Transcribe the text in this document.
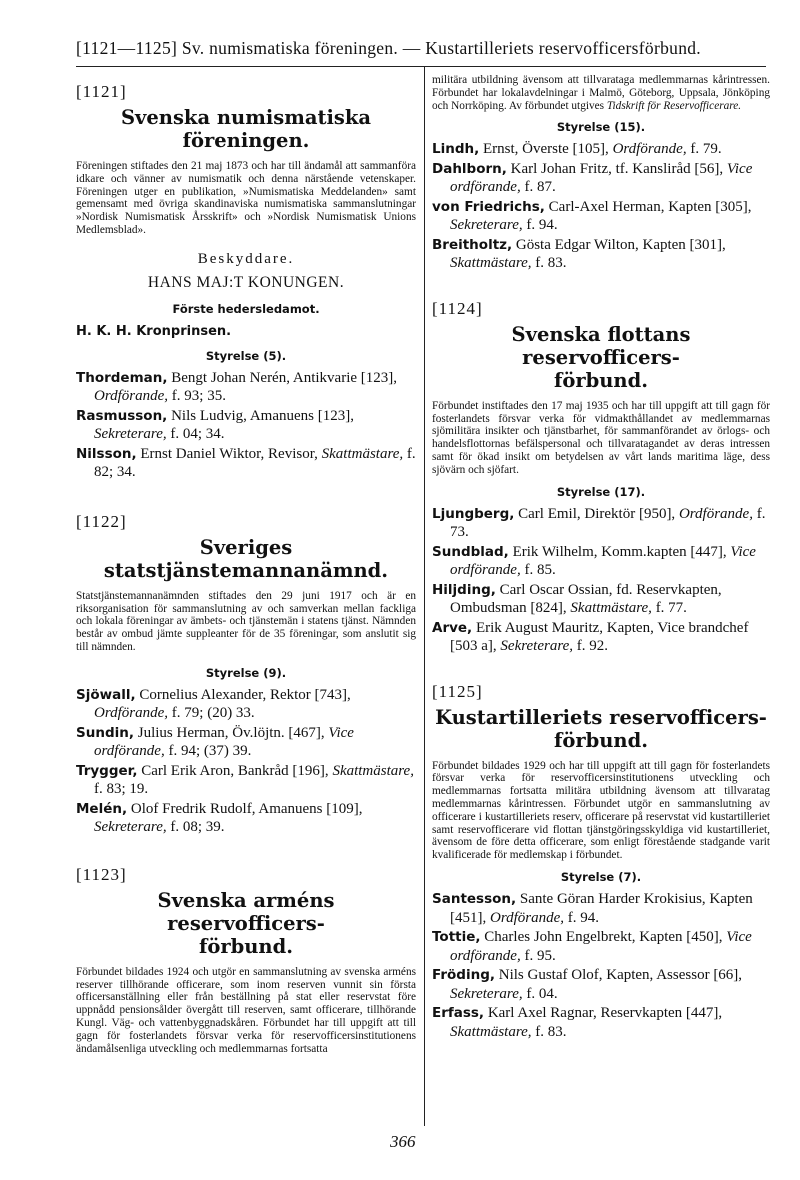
[1121—1125] Sv. numismatiska föreningen. — Kustartilleriets reservofficersförbund.
[1121]
Svenska numismatiska
föreningen.

Föreningen stiftades den 21 maj 1873 och har till ändamål att sammanföra idkare och vänner av numismatik och denna närstående vetenskaper. Föreningen utger en publikation, »Numismatiska Meddelanden» samt gemensamt med övriga skandinaviska numismatiska sammanslutningar »Nordisk Numismatisk Årsskrift» och »Nordisk Numismatisk Unions Medlemsblad».

Beskyddare.
HANS MAJ:T KONUNGEN.
Förste hedersledamot.
H. K. H. Kronprinsen.
Styrelse (5).

Thordeman, Bengt Johan Nerén, Antikvarie [123], Ordförande, f. 93; 35.

Rasmusson, Nils Ludvig, Amanuens [123], Sekreterare, f. 04; 34.

Nilsson, Ernst Daniel Wiktor, Revisor, Skattmästare, f. 82; 34.

[1122]
Sveriges statstjänstemannanämnd.

Statstjänstemannanämnden stiftades den 29 juni 1917 och är en riksorganisation för sammanslutning av och samverkan mellan fackliga och lokala föreningar av ämbets- och tjänstemän i statens tjänst. Nämnden består av ombud jämte suppleanter för de 35 föreningar, som anslutit sig till nämnden.

Styrelse (9).

Sjöwall, Cornelius Alexander, Rektor [743], Ordförande, f. 79; (20) 33.

Sundin, Julius Herman, Öv.löjtn. [467], Vice ordförande, f. 94; (37) 39.

Trygger, Carl Erik Aron, Bankråd [196], Skattmästare, f. 83; 19.

Melén, Olof Fredrik Rudolf, Amanuens [109], Sekreterare, f. 08; 39.

[1123]
Svenska arméns reservofficers-
förbund.

Förbundet bildades 1924 och utgör en sammanslutning av svenska arméns reserver tillhörande officerare, som inom reserven vunnit sin första officersanställning eller från beställning på stat eller reservstat före uppnådd pensionsålder övergått till reserven, samt officerare, tillhörande Kungl. Väg- och vattenbyggnadskåren. Förbundet har till uppgift att till gagn för fosterlandets försvar verka för reservofficersinstitutionens ändamålsenliga utveckling och medlemmarnas fortsatta

militära utbildning ävensom att tillvarataga medlemmarnas kårintressen. Förbundet har lokalavdelningar i Malmö, Göteborg, Uppsala, Jönköping och Norrköping. Av förbundet utgives Tidskrift för Reservofficerare.

Styrelse (15).

Lindh, Ernst, Överste [105], Ordförande, f. 79.

Dahlborn, Karl Johan Fritz, tf. Kansliråd [56], Vice ordförande, f. 87.

von Friedrichs, Carl-Axel Herman, Kapten [305], Sekreterare, f. 94.

Breitholtz, Gösta Edgar Wilton, Kapten [301], Skattmästare, f. 83.

[1124]
Svenska flottans reservofficers-
förbund.

Förbundet instiftades den 17 maj 1935 och har till uppgift att till gagn för fosterlandets försvar verka för vidmakthållandet av medlemmarnas sjömilitära insikter och tjänstbarhet, för sammanförandet av örlogs- och handelsflottornas befälspersonal och tillvaratagandet av deras intressen samt för ökad insikt om betydelsen av vårt lands maritima läge, dess sjövärn och sjöfart.

Styrelse (17).

Ljungberg, Carl Emil, Direktör [950], Ordförande, f. 73.

Sundblad, Erik Wilhelm, Komm.kapten [447], Vice ordförande, f. 85.

Hiljding, Carl Oscar Ossian, fd. Reservkapten, Ombudsman [824], Skattmästare, f. 77.

Arve, Erik August Mauritz, Kapten, Vice brandchef [503 a], Sekreterare, f. 92.

[1125]
Kustartilleriets reservofficers-
förbund.

Förbundet bildades 1929 och har till uppgift att till gagn för fosterlandets försvar verka för reservofficersinstitutionens utveckling och medlemmarnas fortsatta militära utbildning ävensom att tillvaratag medlemmarnas kårintressen. Förbundet utgör en sammanslutning av officerare i kustartilleriets reserv, officerare på reservstat vid kustartilleriet samt reservofficerare vid flottan tjänstgöringsskyldiga vid kustartilleriet, ävensom de före detta officerare, som enligt förestående stadgande varit kvalificerade för medlemskap i förbundet.

Styrelse (7).

Santesson, Sante Göran Harder Krokisius, Kapten [451], Ordförande, f. 94.

Tottie, Charles John Engelbrekt, Kapten [450], Vice ordförande, f. 95.

Fröding, Nils Gustaf Olof, Kapten, Assessor [66], Sekreterare, f. 04.

Erfass, Karl Axel Ragnar, Reservkapten [447], Skattmästare, f. 83.

366
